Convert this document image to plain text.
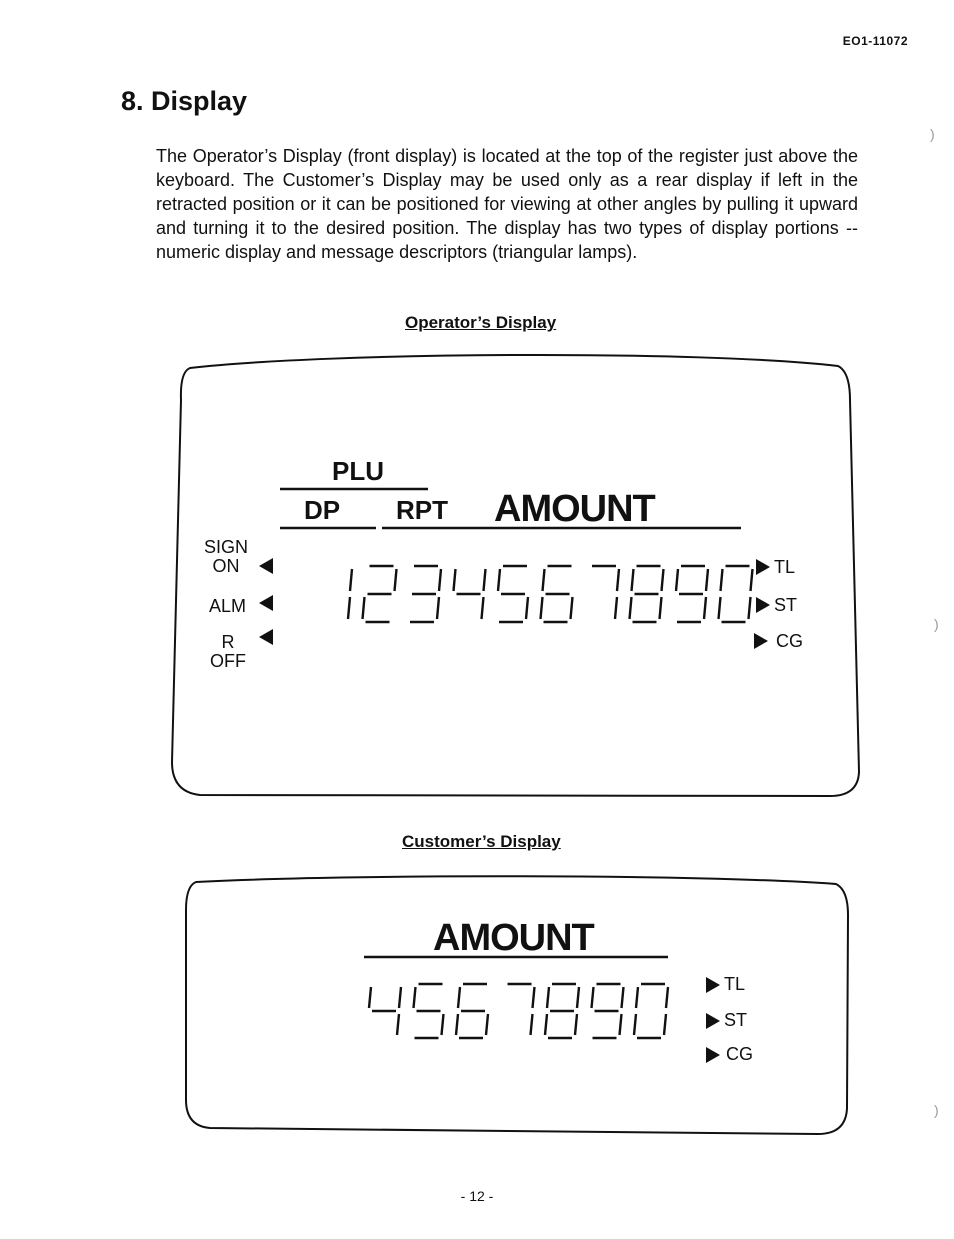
EO1-11072
8. Display

The Operator’s Display (front display) is located at the top of the register just above the keyboard. The Customer’s Display may be used only as a rear display if left in the retracted position or it can be positioned for viewing at other angles by pulling it upward and turning it to the desired position. The display has two types of display portions -- numeric display and message descriptors (triangular lamps).

)
)
)
Operator’s Display
PLU
DP RPT AMOUNT
SIGN
ON
ALM
R
OFF
TL
ST
CG
Customer’s Display
AMOUNT
TL
ST
CG
- 12 -
